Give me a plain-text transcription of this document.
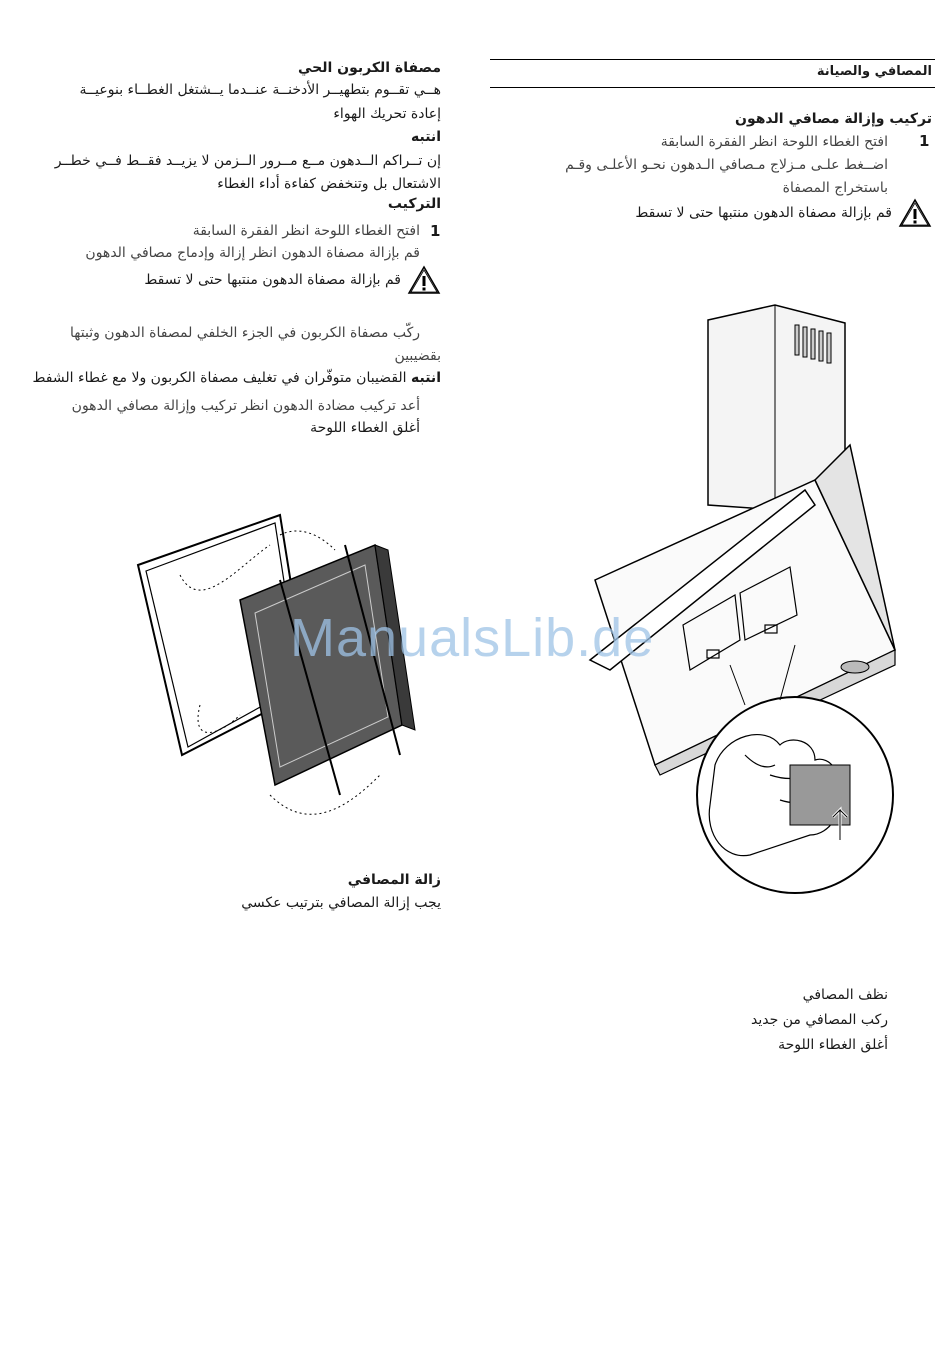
المصافي والصيانة
تركيب وإزالة مصافي الدهون
افتح الغطاء اللوحة انظر الفقرة السابقة 1
اضــغط علـى مـزلاج مـصافي الـدهون نحـو الأعلـى وقـم
باستخراج المصفاة
قم بإزالة مصفاة الدهون منتبها حتى لا تسقط
نظف المصافي
ركب المصافي من جديد
أغلق الغطاء اللوحة
مصفاة الكربون الحي
هــي تقــوم بتطهيــر الأدخنــة عنــدما يــشتغل الغطــاء بنوعيــة
إعادة تحريك الهواء
انتبه
إن تــراكم الــدهون مــع مــرور الــزمن لا يزيــد فقــط فــي خطــر
الاشتعال بل وتنخفض كفاءة أداء الغطاء
التركيب
1
افتح الغطاء اللوحة انظر الفقرة السابقة
قم بإزالة مصفاة الدهون انظر إزالة وإدماج مصافي الدهون
قم بإزالة مصفاة الدهون منتبها حتى لا تسقط
ركّب مصفاة الكربون في الجزء الخلفي لمصفاة الدهون وثبتها
بقضيبين
انتبه القضيبان متوفّران في تغليف مصفاة الكربون ولا مع غطاء الشفط
أعد تركيب مضادة الدهون انظر تركيب وإزالة مصافي الدهون
أغلق الغطاء اللوحة
زالة المصافي
يجب إزالة المصافي بترتيب عكسي
ManualsLib.de
